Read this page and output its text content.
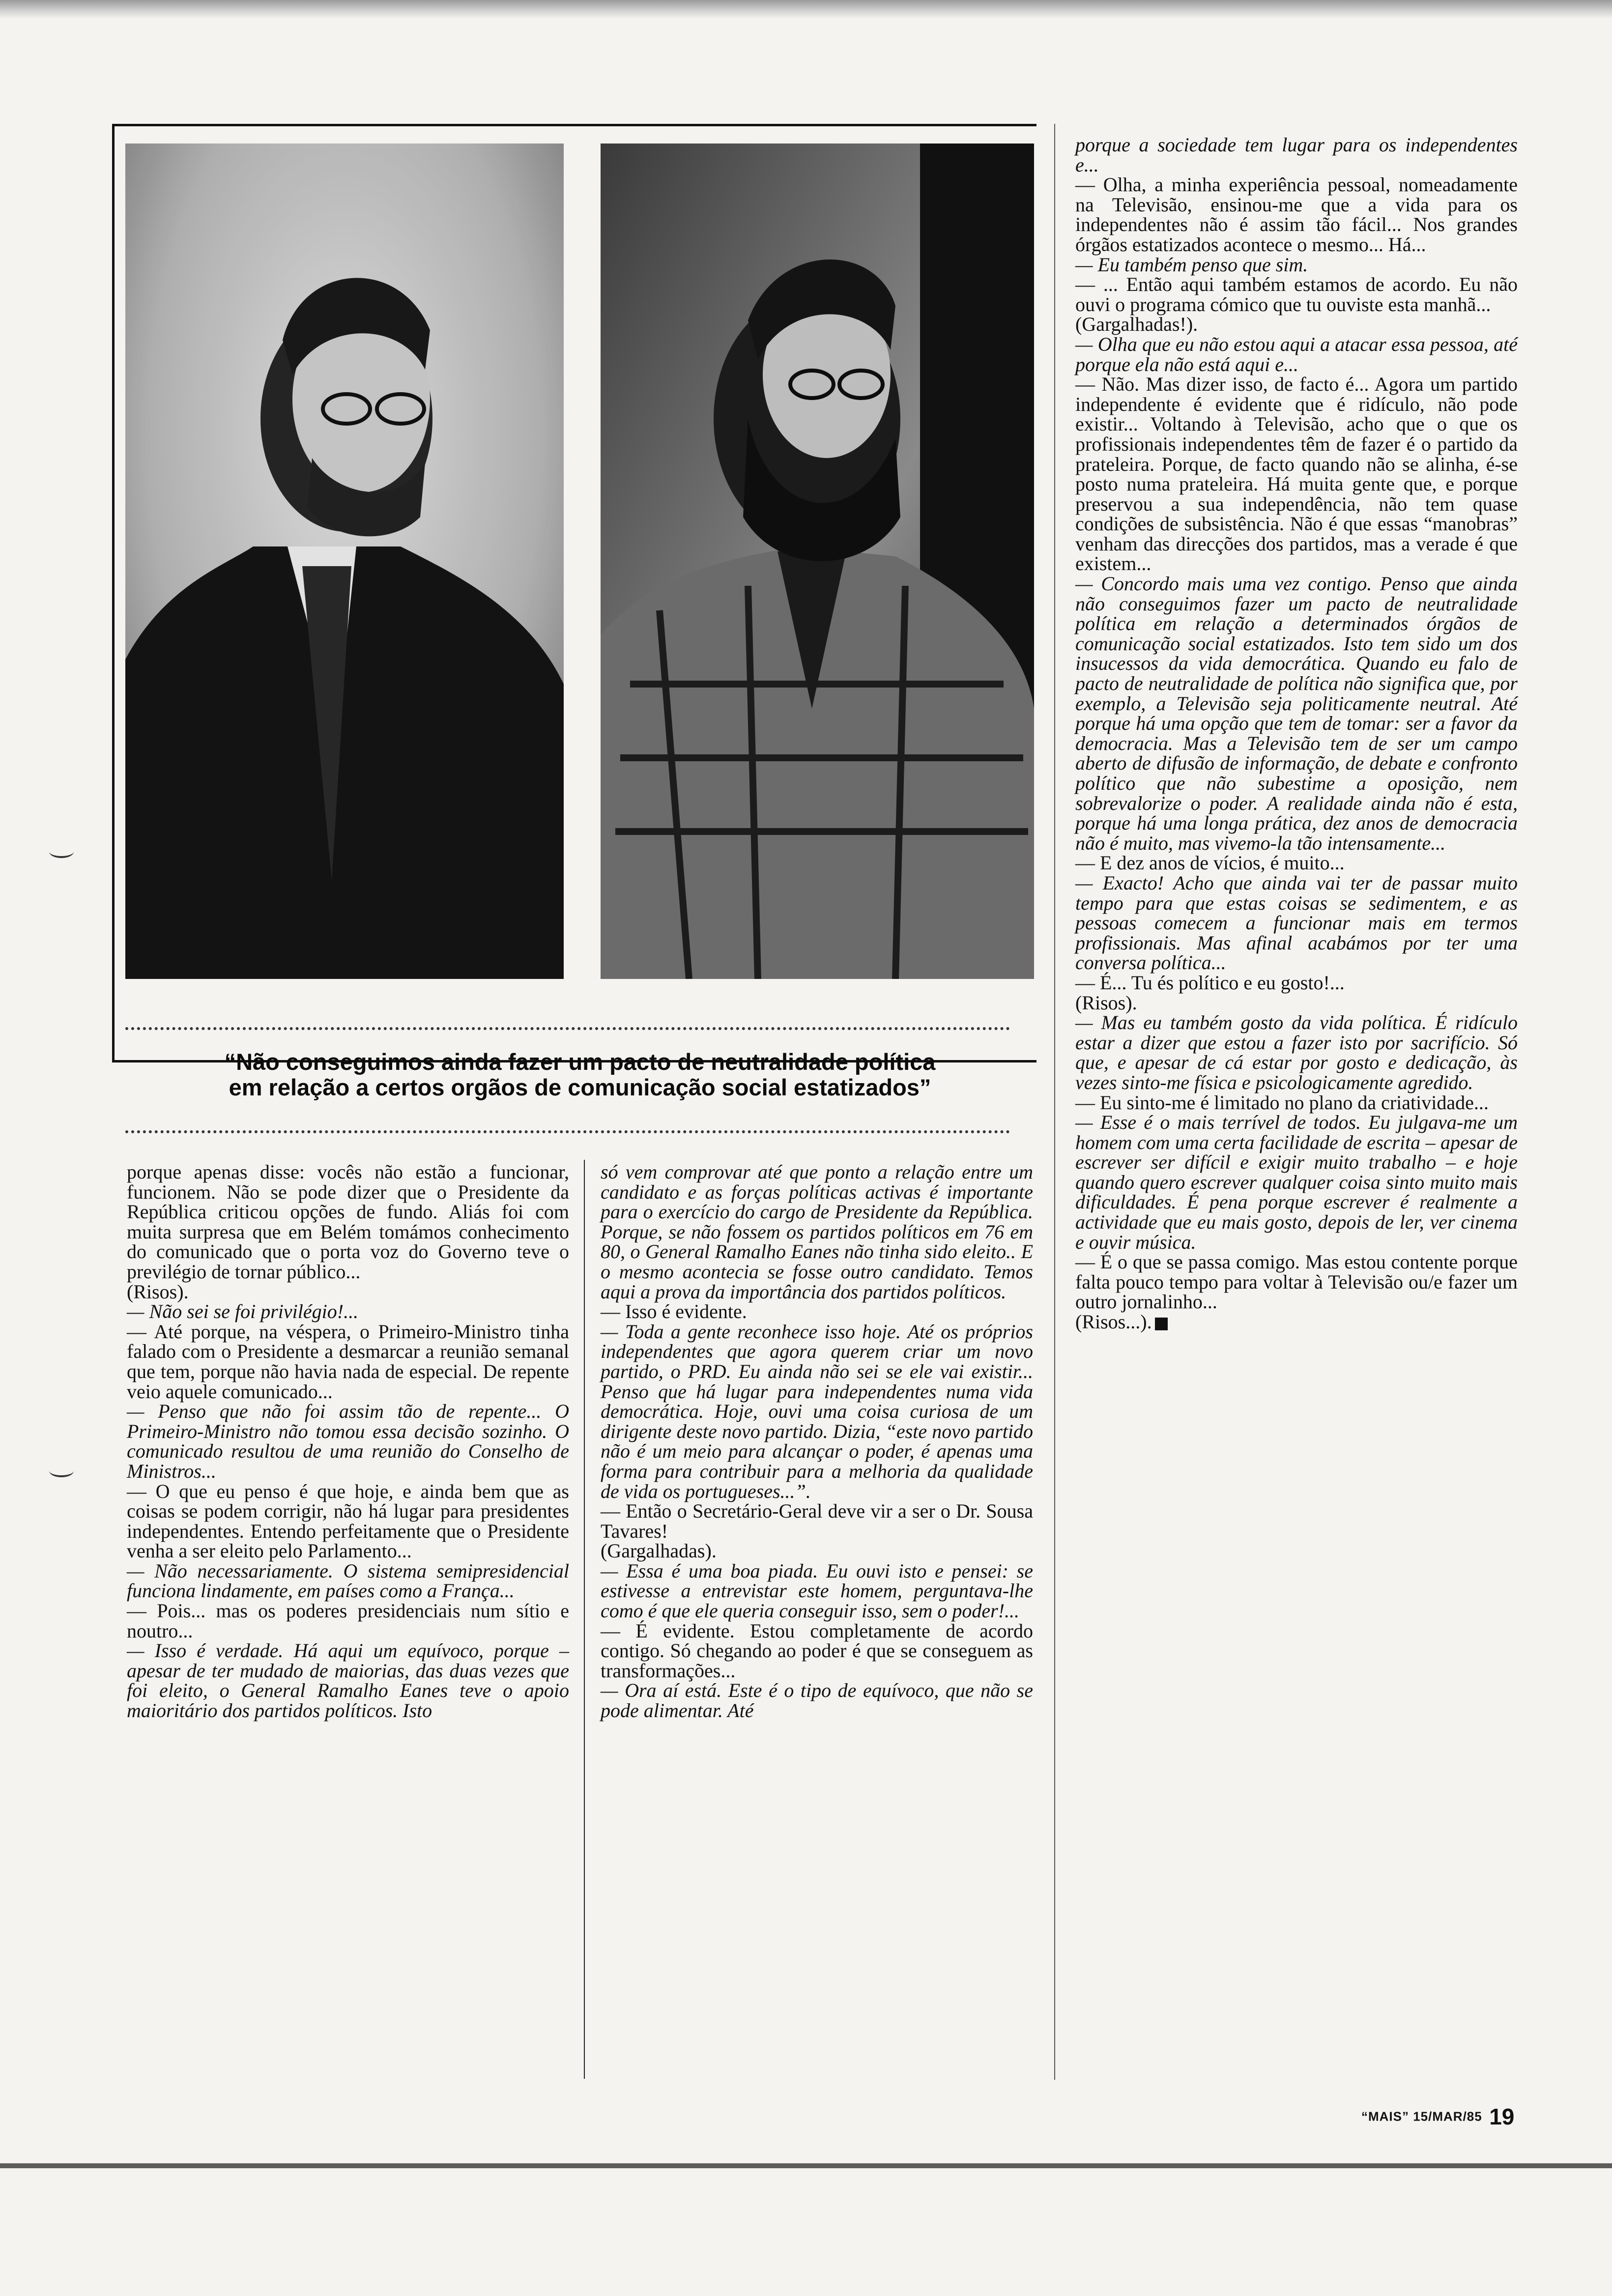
“Não conseguimos ainda fazer um pacto de neutralidade política
em relação a certos orgãos de comunicação social estatizados”

porque apenas disse: vocês não estão a funcionar, funcionem. Não se pode dizer que o Presidente da República criticou opções de fundo. Aliás foi com muita surpresa que em Belém tomámos conhecimento do comunicado que o porta voz do Governo teve o previlégio de tornar público...

(Risos).

— Não sei se foi privilégio!...

— Até porque, na véspera, o Primeiro-Ministro tinha falado com o Presidente a desmarcar a reunião semanal que tem, porque não havia nada de especial. De repente veio aquele comunicado...

— Penso que não foi assim tão de repente... O Primeiro-Ministro não tomou essa decisão sozinho. O comunicado resultou de uma reunião do Conselho de Ministros...

— O que eu penso é que hoje, e ainda bem que as coisas se podem corrigir, não há lugar para presidentes independentes. Entendo perfeitamente que o Presidente venha a ser eleito pelo Parlamento...

— Não necessariamente. O sistema semipresidencial funciona lindamente, em países como a França...

— Pois... mas os poderes presidenciais num sítio e noutro...

— Isso é verdade. Há aqui um equívoco, porque – apesar de ter mudado de maiorias, das duas vezes que foi eleito, o General Ramalho Eanes teve o apoio maioritário dos partidos políticos. Isto

só vem comprovar até que ponto a relação entre um candidato e as forças políticas activas é importante para o exercício do cargo de Presidente da República. Porque, se não fossem os partidos políticos em 76 em 80, o General Ramalho Eanes não tinha sido eleito.. E o mesmo acontecia se fosse outro candidato. Temos aqui a prova da importância dos partidos políticos.

— Isso é evidente.

— Toda a gente reconhece isso hoje. Até os próprios independentes que agora querem criar um novo partido, o PRD. Eu ainda não sei se ele vai existir... Penso que há lugar para independentes numa vida democrática. Hoje, ouvi uma coisa curiosa de um dirigente deste novo partido. Dizia, “este novo partido não é um meio para alcançar o poder, é apenas uma forma para contribuir para a melhoria da qualidade de vida os portugueses...”.

— Então o Secretário-Geral deve vir a ser o Dr. Sousa Tavares!

(Gargalhadas).

— Essa é uma boa piada. Eu ouvi isto e pensei: se estivesse a entrevistar este homem, perguntava-lhe como é que ele queria conseguir isso, sem o poder!...

— É evidente. Estou completamente de acordo contigo. Só chegando ao poder é que se conseguem as transformações...

— Ora aí está. Este é o tipo de equívoco, que não se pode alimentar. Até

porque a sociedade tem lugar para os independentes e...

— Olha, a minha experiência pessoal, nomeadamente na Televisão, ensinou-me que a vida para os independentes não é assim tão fácil... Nos grandes órgãos estatizados acontece o mesmo... Há...

— Eu também penso que sim.

— ... Então aqui também estamos de acordo. Eu não ouvi o programa cómico que tu ouviste esta manhã...

(Gargalhadas!).

— Olha que eu não estou aqui a atacar essa pessoa, até porque ela não está aqui e...

— Não. Mas dizer isso, de facto é... Agora um partido independente é evidente que é ridículo, não pode existir... Voltando à Televisão, acho que o que os profissionais independentes têm de fazer é o partido da prateleira. Porque, de facto quando não se alinha, é-se posto numa prateleira. Há muita gente que, e porque preservou a sua independência, não tem quase condições de subsistência. Não é que essas “manobras” venham das direcções dos partidos, mas a verade é que existem...

— Concordo mais uma vez contigo. Penso que ainda não conseguimos fazer um pacto de neutralidade política em relação a determinados órgãos de comunicação social estatizados. Isto tem sido um dos insucessos da vida democrática. Quando eu falo de pacto de neutralidade de política não significa que, por exemplo, a Televisão seja politicamente neutral. Até porque há uma opção que tem de tomar: ser a favor da democracia. Mas a Televisão tem de ser um campo aberto de difusão de informação, de debate e confronto político que não subestime a oposição, nem sobrevalorize o poder. A realidade ainda não é esta, porque há uma longa prática, dez anos de democracia não é muito, mas vivemo-la tão intensamente...

— E dez anos de vícios, é muito...

— Exacto! Acho que ainda vai ter de passar muito tempo para que estas coisas se sedimentem, e as pessoas comecem a funcionar mais em termos profissionais. Mas afinal acabámos por ter uma conversa política...

— É... Tu és político e eu gosto!...

(Risos).

— Mas eu também gosto da vida política. É ridículo estar a dizer que estou a fazer isto por sacrifício. Só que, e apesar de cá estar por gosto e dedicação, às vezes sinto-me física e psicologicamente agredido.

— Eu sinto-me é limitado no plano da criatividade...

— Esse é o mais terrível de todos. Eu julgava-me um homem com uma certa facilidade de escrita – apesar de escrever ser difícil e exigir muito trabalho – e hoje quando quero escrever qualquer coisa sinto muito mais dificuldades. É pena porque escrever é realmente a actividade que eu mais gosto, depois de ler, ver cinema e ouvir música.

— É o que se passa comigo. Mas estou contente porque falta pouco tempo para voltar à Televisão ou/e fazer um outro jornalinho...

(Risos...).

“MAIS” 15/MAR/85 19
